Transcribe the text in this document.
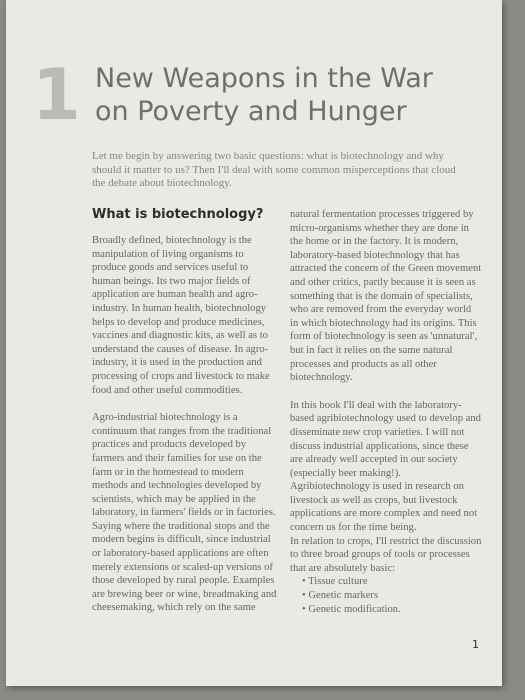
1 New Weapons in the War
on Poverty and Hunger
Let me begin by answering two basic questions: what is biotechnology and why should it matter to us? Then I'll deal with some common misperceptions that cloud the debate about biotechnology.
What is biotechnology?

Broadly defined, biotechnology is the manipulation of living organisms to produce goods and services useful to human beings. Its two major fields of application are human health and agro-industry. In human health, biotechnology helps to develop and produce medicines, vaccines and diagnostic kits, as well as to understand the causes of disease. In agro-industry, it is used in the production and processing of crops and livestock to make food and other useful commodities.

Agro-industrial biotechnology is a continuum that ranges from the traditional practices and products developed by farmers and their families for use on the farm or in the homestead to modern methods and technologies developed by scientists, which may be applied in the laboratory, in farmers' fields or in factories. Saying where the traditional stops and the modern begins is difficult, since industrial or laboratory-based applications are often merely extensions or scaled-up versions of those developed by rural people. Examples are brewing beer or wine, breadmaking and cheesemaking, which rely on the same

natural fermentation processes triggered by micro-organisms whether they are done in the home or in the factory. It is modern, laboratory-based biotechnology that has attracted the concern of the Green movement and other critics, partly because it is seen as something that is the domain of specialists, who are removed from the everyday world in which biotechnology had its origins. This form of biotechnology is seen as 'unnatural', but in fact it relies on the same natural processes and products as all other biotechnology.

In this book I'll deal with the laboratory-based agribiotechnology used to develop and disseminate new crop varieties. I will not discuss industrial applications, since these are already well accepted in our society (especially beer making!). Agribiotechnology is used in research on livestock as well as crops, but livestock applications are more complex and need not concern us for the time being.

In relation to crops, I'll restrict the discussion to three broad groups of tools or processes that are absolutely basic:

• Tissue culture
• Genetic markers
• Genetic modification.
1
